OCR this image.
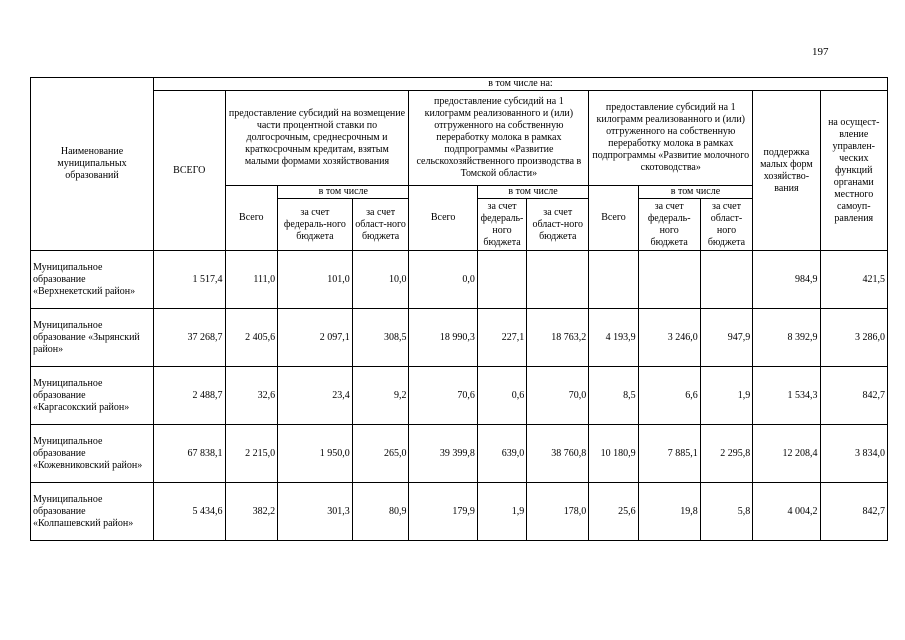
197
Наименование муниципальных образований	в том числе на:											
	ВСЕГО	предоставление субсидий на возмещение части процентной ставки по долгосрочным, среднесрочным и краткосрочным кредитам, взятым малыми формами хозяйствования			предоставление субсидий на 1 килограмм реализованного и (или) отгруженного на собственную переработку молока в рамках подпрограммы «Развитие сельскохозяйственного производства в Томской области»			предоставление субсидий на 1 килограмм реализованного и (или) отгруженного на собственную переработку молока в рамках подпрограммы «Развитие молочного скотоводства»			поддержка малых форм хозяйство-вания	на осущест-вление управлен-ческих функций органами местного самоуп-равления
		Всего	в том числе		Всего	в том числе		Всего	в том числе			
			за счет федераль-ного бюджета	за счет област-ного бюджета		за счет федераль-ного бюджета	за счет област-ного бюджета		за счет федераль-ного бюджета	за счет област-ного бюджета		
Муниципальное образование «Верхнекетский район»	1 517,4	111,0	101,0	10,0	0,0						984,9	421,5
Муниципальное образование «Зырянский район»	37 268,7	2 405,6	2 097,1	308,5	18 990,3	227,1	18 763,2	4 193,9	3 246,0	947,9	8 392,9	3 286,0
Муниципальное образование «Каргасокский район»	2 488,7	32,6	23,4	9,2	70,6	0,6	70,0	8,5	6,6	1,9	1 534,3	842,7
Муниципальное образование «Кожевниковский район»	67 838,1	2 215,0	1 950,0	265,0	39 399,8	639,0	38 760,8	10 180,9	7 885,1	2 295,8	12 208,4	3 834,0
Муниципальное образование «Колпашевский район»	5 434,6	382,2	301,3	80,9	179,9	1,9	178,0	25,6	19,8	5,8	4 004,2	842,7
